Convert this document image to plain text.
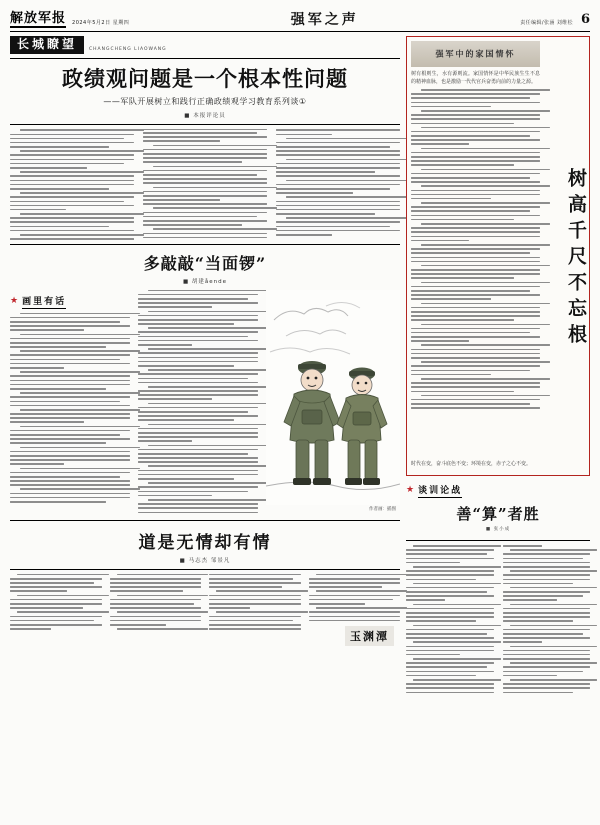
解放军报 2024年5月2日 星期四	强军之声	责任编辑/张涵 刘维松 6
长城瞭望	CHANGCHENG LIAOWANG
政绩观问题是一个根本性问题
——军队开展树立和践行正确政绩观学习教育系列谈①
■ 本报评论员
多敲敲“当面锣”
■ 胡建ående
★ 画里有话
作者画：插图
道是无情却有情
■ 马志杰 邹景凡
玉渊潭
强军中的家国情怀
树有根则生，水有源则流。家国情怀是中华民族生生不息的精神血脉，也是激励一代代官兵奋勇向前的力量之源。
时代在变，奋斗底色不变；环境在变，赤子之心不变。
树高千尺不忘根
★ 谈训论战
善“算”者胜
■ 张小成
